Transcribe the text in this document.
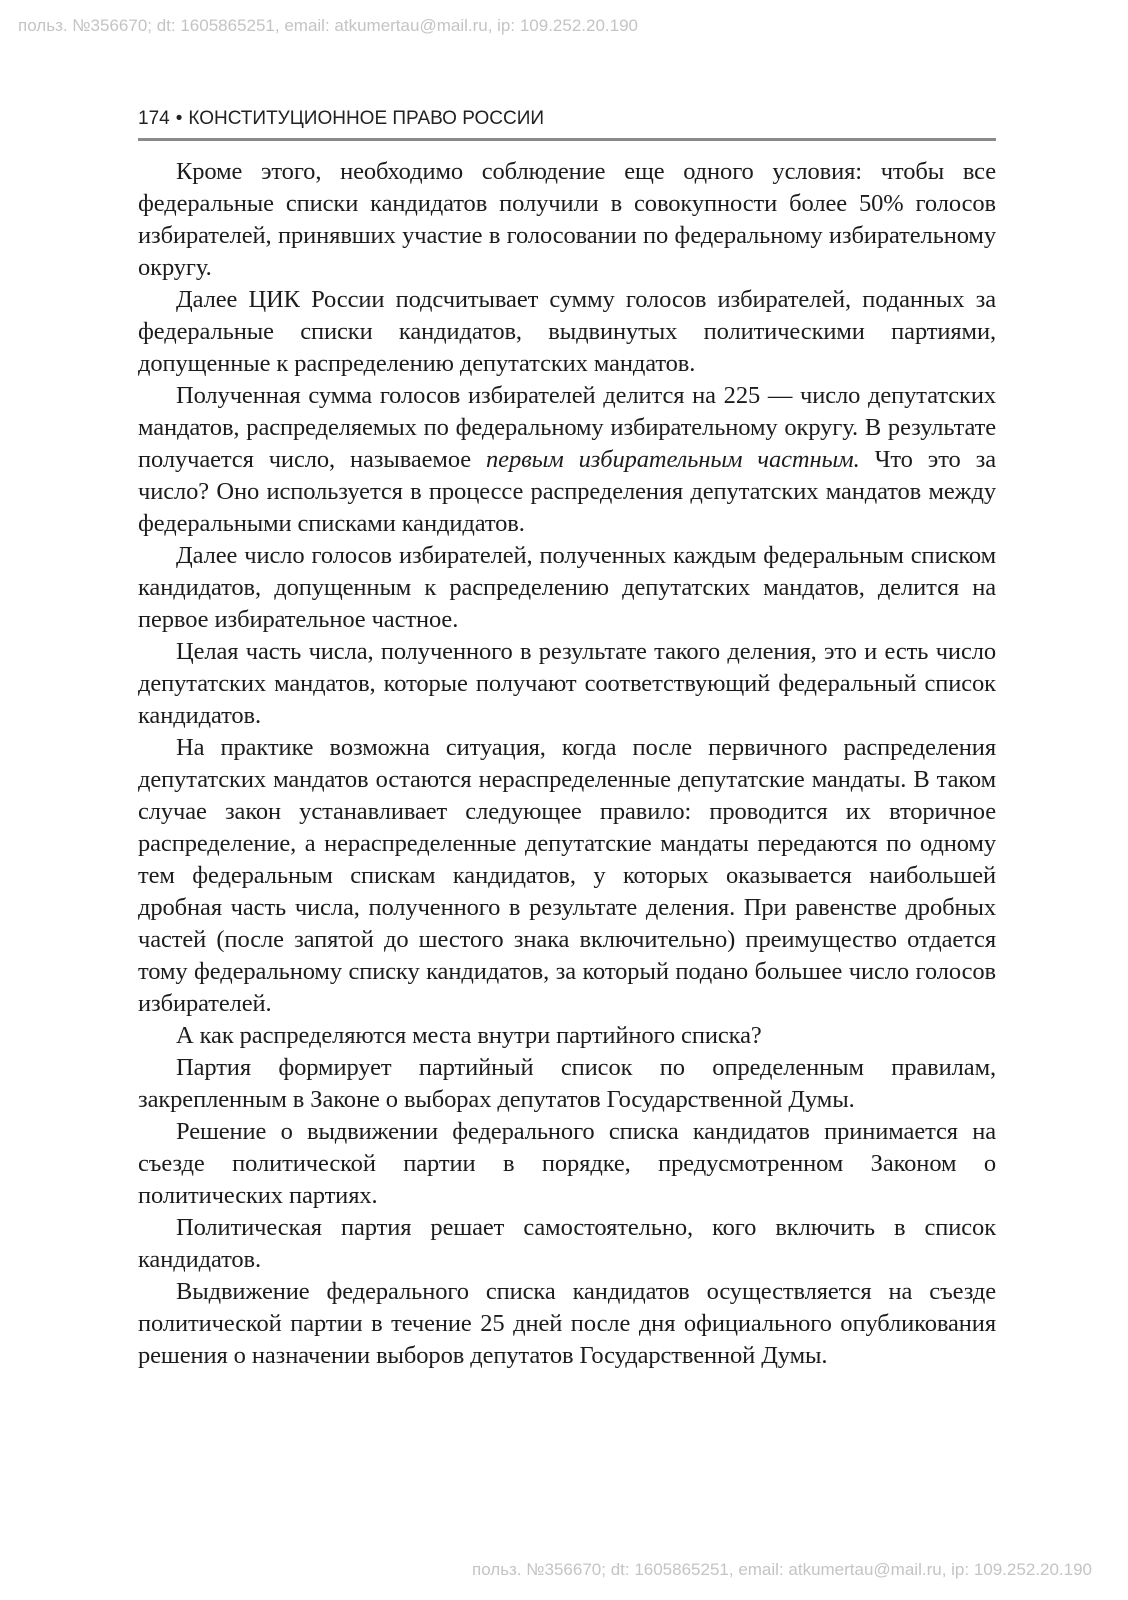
польз. №356670; dt: 1605865251, email: atkumertau@mail.ru, ip: 109.252.20.190
174 • КОНСТИТУЦИОННОЕ ПРАВО РОССИИ

Кроме этого, необходимо соблюдение еще одного условия: чтобы все федеральные списки кандидатов получили в совокупности более 50% голосов избирателей, принявших участие в голосовании по федеральному избирательному округу.

Далее ЦИК России подсчитывает сумму голосов избирателей, поданных за федеральные списки кандидатов, выдвинутых политическими партиями, допущенные к распределению депутатских мандатов.

Полученная сумма голосов избирателей делится на 225 — число депутатских мандатов, распределяемых по федеральному избирательному округу. В результате получается число, называемое первым избирательным частным. Что это за число? Оно используется в процессе распределения депутатских мандатов между федеральными списками кандидатов.

Далее число голосов избирателей, полученных каждым федеральным списком кандидатов, допущенным к распределению депутатских мандатов, делится на первое избирательное частное.

Целая часть числа, полученного в результате такого деления, это и есть число депутатских мандатов, которые получают соответствующий федеральный список кандидатов.

На практике возможна ситуация, когда после первичного распределения депутатских мандатов остаются нераспределенные депутатские мандаты. В таком случае закон устанавливает следующее правило: проводится их вторичное распределение, а нераспределенные депутатские мандаты передаются по одному тем федеральным спискам кандидатов, у которых оказывается наибольшей дробная часть числа, полученного в результате деления. При равенстве дробных частей (после запятой до шестого знака включительно) преимущество отдается тому федеральному списку кандидатов, за который подано большее число голосов избирателей.

А как распределяются места внутри партийного списка?

Партия формирует партийный список по определенным правилам, закрепленным в Законе о выборах депутатов Государственной Думы.

Решение о выдвижении федерального списка кандидатов принимается на съезде политической партии в порядке, предусмотренном Законом о политических партиях.

Политическая партия решает самостоятельно, кого включить в список кандидатов.

Выдвижение федерального списка кандидатов осуществляется на съезде политической партии в течение 25 дней после дня официального опубликования решения о назначении выборов депутатов Государственной Думы.

польз. №356670; dt: 1605865251, email: atkumertau@mail.ru, ip: 109.252.20.190
